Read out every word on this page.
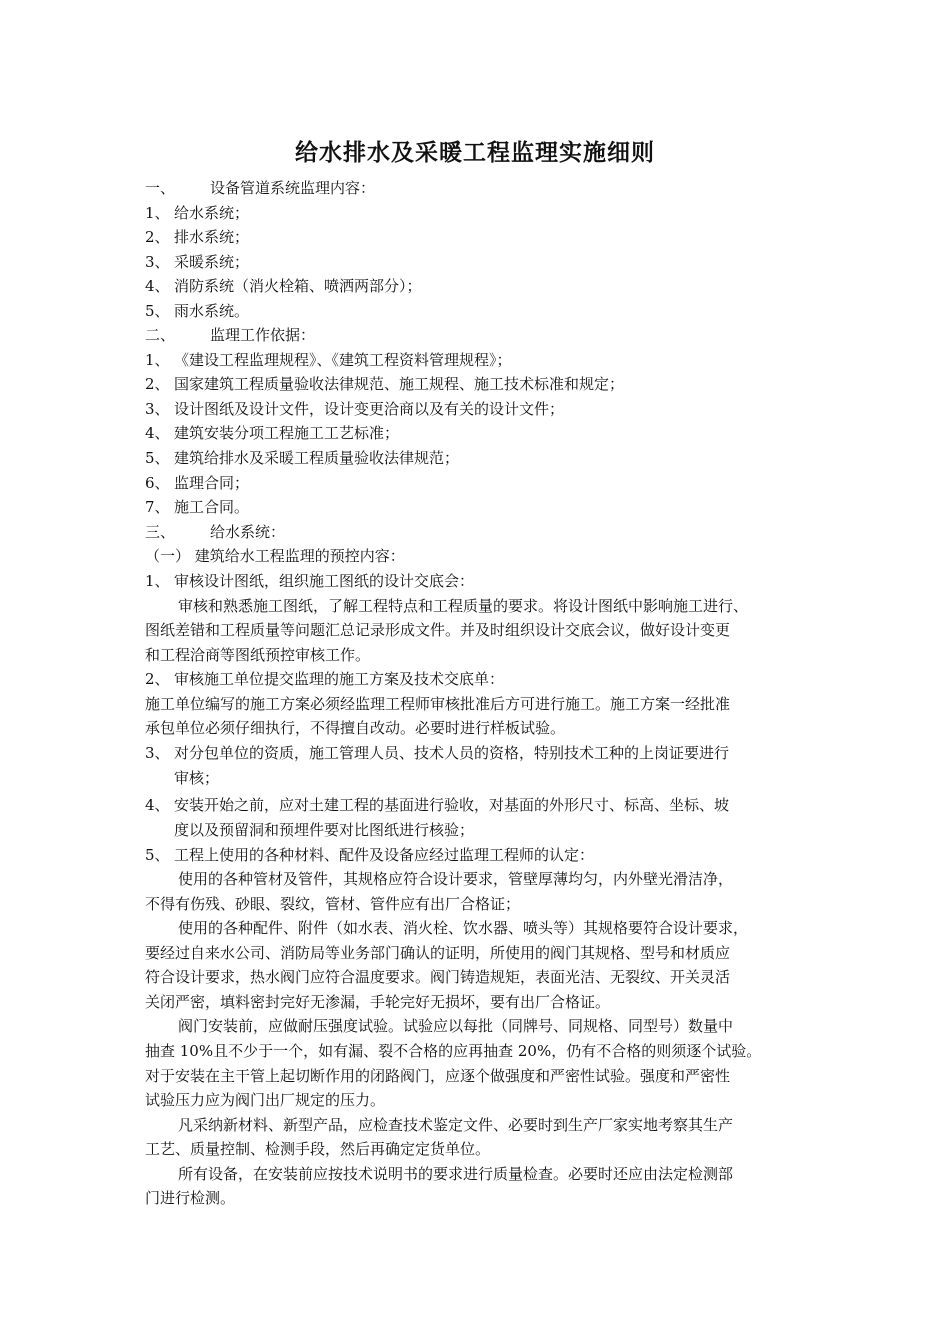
给水排水及采暖工程监理实施细则
一、 设备管道系统监理内容：
1、 给水系统；
2、 排水系统；
3、 采暖系统；
4、 消防系统（消火栓箱、喷洒两部分）；
5、 雨水系统。
二、 监理工作依据：
1、 《建设工程监理规程》、《建筑工程资料管理规程》；
2、 国家建筑工程质量验收法律规范、施工规程、施工技术标准和规定；
3、 设计图纸及设计文件，设计变更洽商以及有关的设计文件；
4、 建筑安装分项工程施工工艺标准；
5、 建筑给排水及采暖工程质量验收法律规范；
6、 监理合同；
7、 施工合同。
三、 给水系统：
（一） 建筑给水工程监理的预控内容：
1、 审核设计图纸，组织施工图纸的设计交底会：
审核和熟悉施工图纸，了解工程特点和工程质量的要求。将设计图纸中影响施工进行、
图纸差错和工程质量等问题汇总记录形成文件。并及时组织设计交底会议，做好设计变更
和工程洽商等图纸预控审核工作。
2、 审核施工单位提交监理的施工方案及技术交底单：
施工单位编写的施工方案必须经监理工程师审核批准后方可进行施工。施工方案一经批准
承包单位必须仔细执行，不得擅自改动。必要时进行样板试验。
3、 对分包单位的资质，施工管理人员、技术人员的资格，特别技术工种的上岗证要进行
审核；
4、 安装开始之前，应对土建工程的基面进行验收，对基面的外形尺寸、标高、坐标、坡
度以及预留洞和预埋件要对比图纸进行核验；
5、 工程上使用的各种材料、配件及设备应经过监理工程师的认定：
使用的各种管材及管件，其规格应符合设计要求，管壁厚薄均匀，内外壁光滑洁净，
不得有伤残、砂眼、裂纹，管材、管件应有出厂合格证；
使用的各种配件、附件（如水表、消火栓、饮水器、喷头等）其规格要符合设计要求，
要经过自来水公司、消防局等业务部门确认的证明，所使用的阀门其规格、型号和材质应
符合设计要求，热水阀门应符合温度要求。阀门铸造规矩，表面光洁、无裂纹、开关灵活
关闭严密，填料密封完好无渗漏，手轮完好无损坏，要有出厂合格证。
阀门安装前，应做耐压强度试验。试验应以每批（同牌号、同规格、同型号）数量中
抽查 10%且不少于一个，如有漏、裂不合格的应再抽查 20%，仍有不合格的则须逐个试验。
对于安装在主干管上起切断作用的闭路阀门，应逐个做强度和严密性试验。强度和严密性
试验压力应为阀门出厂规定的压力。
凡采纳新材料、新型产品，应检查技术鉴定文件、必要时到生产厂家实地考察其生产
工艺、质量控制、检测手段，然后再确定定货单位。
所有设备，在安装前应按技术说明书的要求进行质量检查。必要时还应由法定检测部
门进行检测。
